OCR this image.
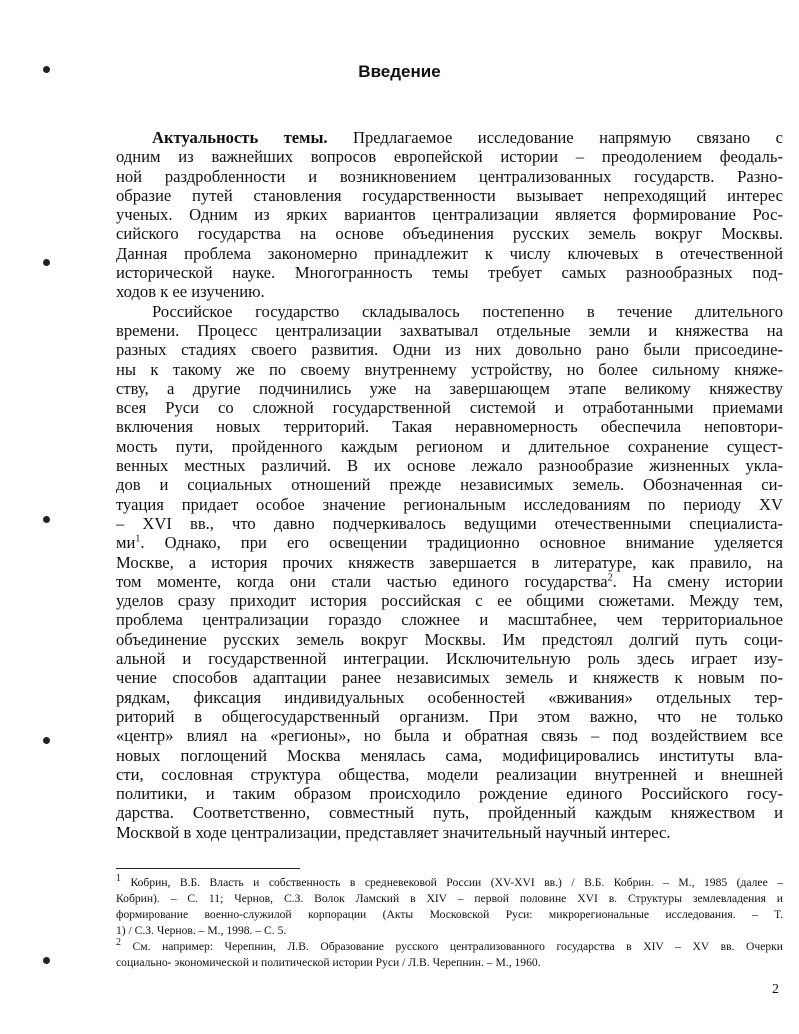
Введение
Актуальность темы. Предлагаемое исследование напрямую связано с
одним из важнейших вопросов европейской истории – преодолением феодаль-
ной раздробленности и возникновением централизованных государств. Разно-
образие путей становления государственности вызывает непреходящий интерес
ученых. Одним из ярких вариантов централизации является формирование Рос-
сийского государства на основе объединения русских земель вокруг Москвы.
Данная проблема закономерно принадлежит к числу ключевых в отечественной
исторической науке. Многогранность темы требует самых разнообразных под-
ходов к ее изучению.
Российское государство складывалось постепенно в течение длительного
времени. Процесс централизации захватывал отдельные земли и княжества на
разных стадиях своего развития. Одни из них довольно рано были присоедине-
ны к такому же по своему внутреннему устройству, но более сильному княже-
ству, а другие подчинились уже на завершающем этапе великому княжеству
всея Руси со сложной государственной системой и отработанными приемами
включения новых территорий. Такая неравномерность обеспечила неповтори-
мость пути, пройденного каждым регионом и длительное сохранение сущест-
венных местных различий. В их основе лежало разнообразие жизненных укла-
дов и социальных отношений прежде независимых земель. Обозначенная си-
туация придает особое значение региональным исследованиям по периоду XV
– XVI вв., что давно подчеркивалось ведущими отечественными специалиста-
$ми^1$. Однако, при его освещении традиционно основное внимание уделяется
Москве, а история прочих княжеств завершается в литературе, как правило, на
том моменте, когда они стали частью единого государства$^2$. На смену истории
уделов сразу приходит история российская с ее общими сюжетами. Между тем,
проблема централизации гораздо сложнее и масштабнее, чем территориальное
объединение русских земель вокруг Москвы. Им предстоял долгий путь соци-
альной и государственной интеграции. Исключительную роль здесь играет изу-
чение способов адаптации ранее независимых земель и княжеств к новым по-
рядкам, фиксация индивидуальных особенностей «вживания» отдельных тер-
риторий в общегосударственный организм. При этом важно, что не только
«центр» влиял на «регионы», но была и обратная связь – под воздействием все
новых поглощений Москва менялась сама, модифицировались институты вла-
сти, сословная структура общества, модели реализации внутренней и внешней
политики, и таким образом происходило рождение единого Российского госу-
дарства. Соответственно, совместный путь, пройденный каждым княжеством и
Москвой в ходе централизации, представляет значительный научный интерес.
$^1$ Кобрин, В.Б. Власть и собственность в средневековой России (XV-XVI вв.) / В.Б. Кобрин. – М., 1985 (далее –
Кобрин). – С. 11; Чернов, С.З. Волок Ламский в XIV – первой половине XVI в. Структуры землевладения и
формирование военно-служилой корпорации (Акты Московской Руси: микрорегиональные исследования. – Т.
1) / С.З. Чернов. – М., 1998. – С. 5.
$^2$ См. например: Черепнин, Л.В. Образование русского централизованного государства в XIV – XV вв. Очерки
социально- экономической и политической истории Руси / Л.В. Черепнин. – М., 1960.
2
